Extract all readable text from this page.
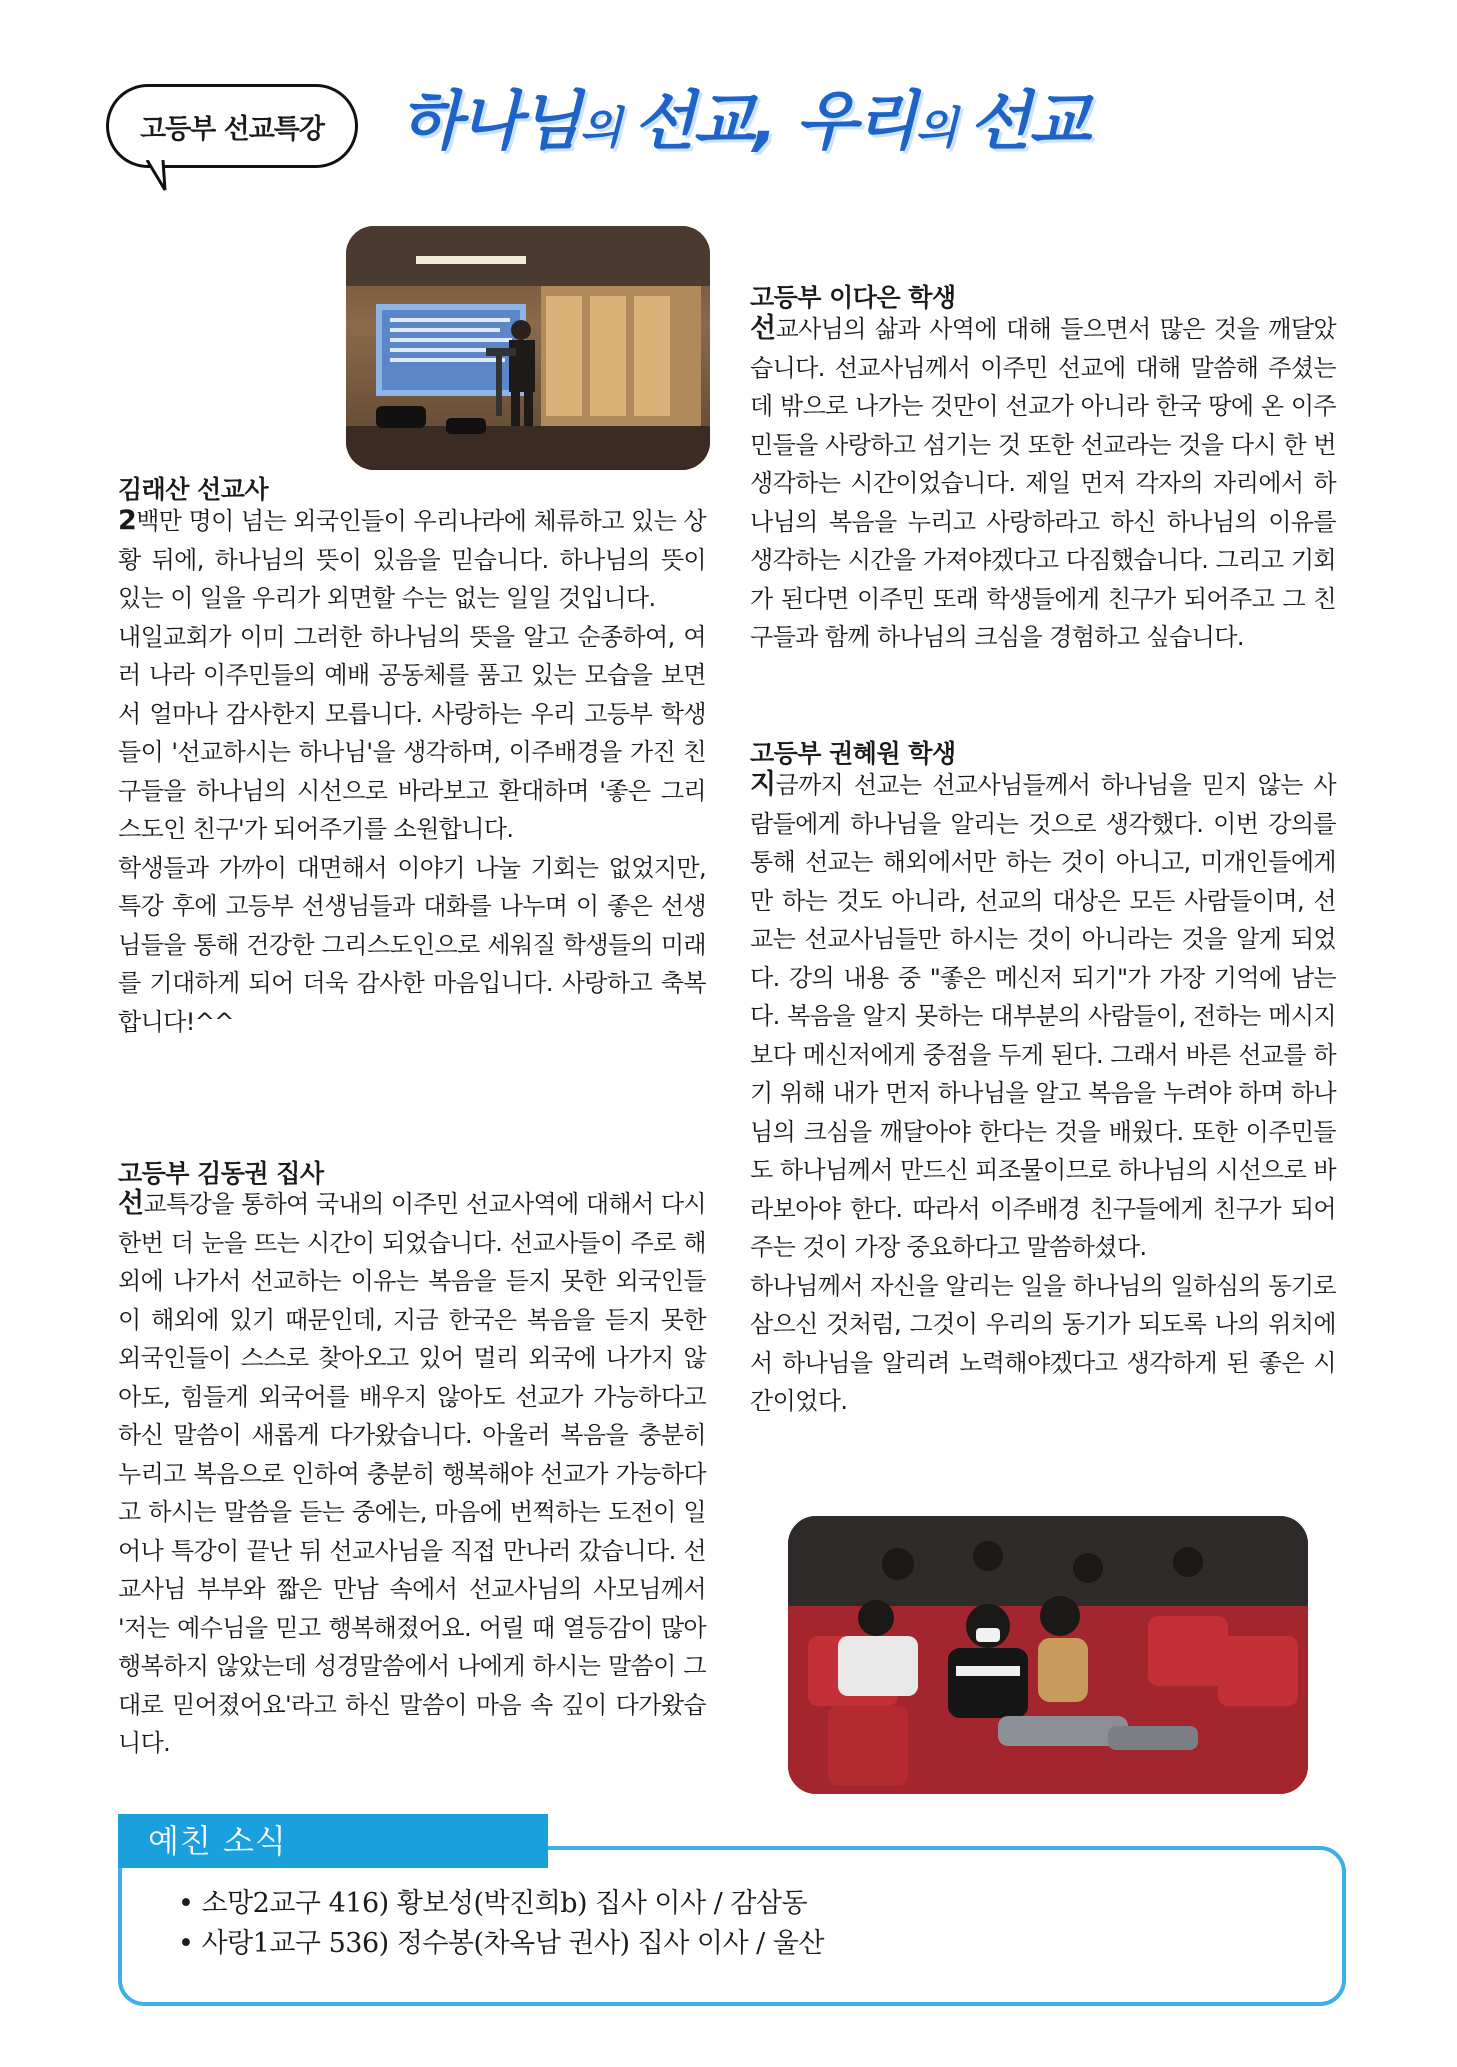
고등부 선교특강 하나님의 선교, 우리의 선교
김래산 선교사

2백만 명이 넘는 외국인들이 우리나라에 체류하고 있는 상황 뒤에, 하나님의 뜻이 있음을 믿습니다. 하나님의 뜻이 있는 이 일을 우리가 외면할 수는 없는 일일 것입니다.
내일교회가 이미 그러한 하나님의 뜻을 알고 순종하여, 여러 나라 이주민들의 예배 공동체를 품고 있는 모습을 보면서 얼마나 감사한지 모릅니다. 사랑하는 우리 고등부 학생들이 '선교하시는 하나님'을 생각하며, 이주배경을 가진 친구들을 하나님의 시선으로 바라보고 환대하며 '좋은 그리스도인 친구'가 되어주기를 소원합니다.
학생들과 가까이 대면해서 이야기 나눌 기회는 없었지만, 특강 후에 고등부 선생님들과 대화를 나누며 이 좋은 선생님들을 통해 건강한 그리스도인으로 세워질 학생들의 미래를 기대하게 되어 더욱 감사한 마음입니다. 사랑하고 축복합니다!^^

고등부 김동권 집사

선교특강을 통하여 국내의 이주민 선교사역에 대해서 다시 한번 더 눈을 뜨는 시간이 되었습니다. 선교사들이 주로 해외에 나가서 선교하는 이유는 복음을 듣지 못한 외국인들이 해외에 있기 때문인데, 지금 한국은 복음을 듣지 못한 외국인들이 스스로 찾아오고 있어 멀리 외국에 나가지 않아도, 힘들게 외국어를 배우지 않아도 선교가 가능하다고 하신 말씀이 새롭게 다가왔습니다. 아울러 복음을 충분히 누리고 복음으로 인하여 충분히 행복해야 선교가 가능하다고 하시는 말씀을 듣는 중에는, 마음에 번쩍하는 도전이 일어나 특강이 끝난 뒤 선교사님을 직접 만나러 갔습니다. 선교사님 부부와 짧은 만남 속에서 선교사님의 사모님께서 '저는 예수님을 믿고 행복해졌어요. 어릴 때 열등감이 많아 행복하지 않았는데 성경말씀에서 나에게 하시는 말씀이 그대로 믿어졌어요'라고 하신 말씀이 마음 속 깊이 다가왔습니다.

고등부 이다은 학생

선교사님의 삶과 사역에 대해 들으면서 많은 것을 깨달았습니다. 선교사님께서 이주민 선교에 대해 말씀해 주셨는데 밖으로 나가는 것만이 선교가 아니라 한국 땅에 온 이주민들을 사랑하고 섬기는 것 또한 선교라는 것을 다시 한 번 생각하는 시간이었습니다. 제일 먼저 각자의 자리에서 하나님의 복음을 누리고 사랑하라고 하신 하나님의 이유를 생각하는 시간을 가져야겠다고 다짐했습니다. 그리고 기회가 된다면 이주민 또래 학생들에게 친구가 되어주고 그 친구들과 함께 하나님의 크심을 경험하고 싶습니다.

고등부 권혜원 학생

지금까지 선교는 선교사님들께서 하나님을 믿지 않는 사람들에게 하나님을 알리는 것으로 생각했다. 이번 강의를 통해 선교는 해외에서만 하는 것이 아니고, 미개인들에게만 하는 것도 아니라, 선교의 대상은 모든 사람들이며, 선교는 선교사님들만 하시는 것이 아니라는 것을 알게 되었다. 강의 내용 중 "좋은 메신저 되기"가 가장 기억에 남는다. 복음을 알지 못하는 대부분의 사람들이, 전하는 메시지보다 메신저에게 중점을 두게 된다. 그래서 바른 선교를 하기 위해 내가 먼저 하나님을 알고 복음을 누려야 하며 하나님의 크심을 깨달아야 한다는 것을 배웠다. 또한 이주민들도 하나님께서 만드신 피조물이므로 하나님의 시선으로 바라보아야 한다. 따라서 이주배경 친구들에게 친구가 되어주는 것이 가장 중요하다고 말씀하셨다.
하나님께서 자신을 알리는 일을 하나님의 일하심의 동기로 삼으신 것처럼, 그것이 우리의 동기가 되도록 나의 위치에서 하나님을 알리려 노력해야겠다고 생각하게 된 좋은 시간이었다.

• 소망2교구 416) 황보성(박진희b) 집사 이사 / 감삼동
• 사랑1교구 536) 정수봉(차옥남 권사) 집사 이사 / 울산
예친 소식
